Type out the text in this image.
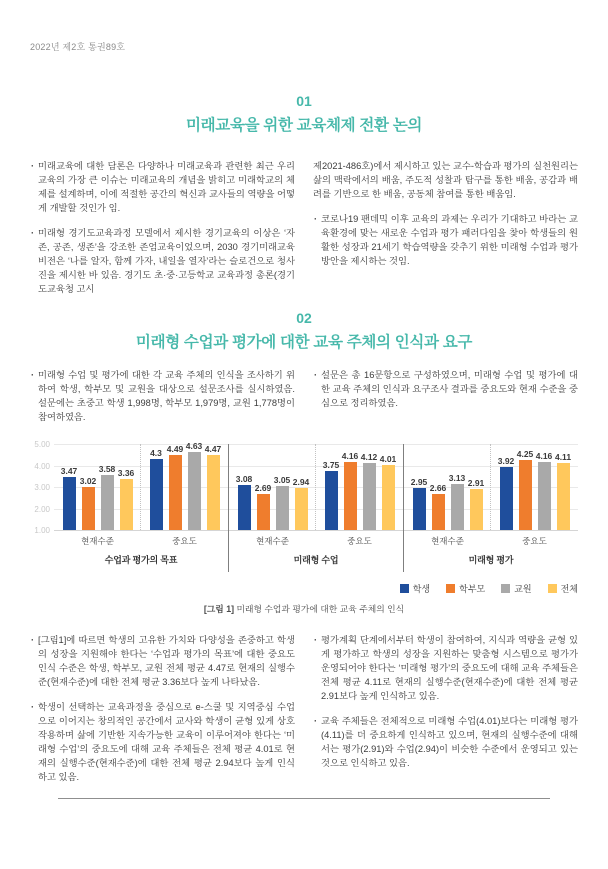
2022년 제2호 통권89호
01
미래교육을 위한 교육체제 전환 논의

· 미래교육에 대한 담론은 다양하나 미래교육과 관련한 최근 우리 교육의 가장 큰 이슈는 미래교육의 개념을 밝히고 미래학교의 체제를 설계하며, 이에 적절한 공간의 혁신과 교사들의 역량을 어떻게 개발할 것인가 임.

· 미래형 경기도교육과정 모델에서 제시한 경기교육의 이상은 ‘자존, 공존, 생존’을 강조한 존엄교육이었으며, 2030 경기미래교육 비전은 ‘나를 알자, 함께 가자, 내일을 열자’라는 슬로건으로 청사진을 제시한 바 있음. 경기도 초·중·고등학교 교육과정 총론(경기도교육청 고시

제2021-486호)에서 제시하고 있는 교수-학습과 평가의 실천원리는 삶의 맥락에서의 배움, 주도적 성찰과 탐구를 통한 배움, 공감과 배려를 기반으로 한 배움, 공동체 참여를 통한 배움임.

· 코로나19 팬데믹 이후 교육의 과제는 우리가 기대하고 바라는 교육환경에 맞는 새로운 수업과 평가 패러다임을 찾아 학생들의 원활한 성장과 21세기 학습역량을 갖추기 위한 미래형 수업과 평가 방안을 제시하는 것임.

02
미래형 수업과 평가에 대한 교육 주체의 인식과 요구

· 미래형 수업 및 평가에 대한 각 교육 주체의 인식을 조사하기 위하여 학생, 학부모 및 교원을 대상으로 설문조사를 실시하였음. 설문에는 초중고 학생 1,998명, 학부모 1,979명, 교원 1,778명이 참여하였음.

· 설문은 총 16문항으로 구성하였으며, 미래형 수업 및 평가에 대한 교육 주체의 인식과 요구조사 결과를 중요도와 현재 수준을 중심으로 정리하였음.

5.00
4.00
3.00
2.00
1.00
3.47
3.02
3.58 3.36
현재수준
4.3 4.49 4.63 4.47
중요도
수업과 평가의 목표
3.08
2.69
3.05 2.94
현재수준
3.75
4.16 4.12 4.01
중요도
미래형 수업
2.95
2.66
3.13 2.91
현재수준
3.92
4.25 4.16 4.11
중요도
미래형 평가
학생	학부모	교원	전체
[그림 1] 미래형 수업과 평가에 대한 교육 주체의 인식

· [그림1]에 따르면 학생의 고유한 가치와 다양성을 존중하고 학생의 성장을 지원해야 한다는 ‘수업과 평가의 목표’에 대한 중요도 인식 수준은 학생, 학부모, 교원 전체 평균 4.47로 현재의 실행수준(현재수준)에 대한 전체 평균 3.36보다 높게 나타났음.

· 학생이 선택하는 교육과정을 중심으로 e-스쿨 및 지역중심 수업으로 이어지는 창의적인 공간에서 교사와 학생이 균형 있게 상호작용하며 삶에 기반한 지속가능한 교육이 이루어져야 한다는 ‘미래형 수업’의 중요도에 대해 교육 주체들은 전체 평균 4.01로 현재의 실행수준(현재수준)에 대한 전체 평균 2.94보다 높게 인식하고 있음.

· 평가계획 단계에서부터 학생이 참여하여, 지식과 역량을 균형 있게 평가하고 학생의 성장을 지원하는 맞춤형 시스템으로 평가가 운영되어야 한다는 ‘미래형 평가’의 중요도에 대해 교육 주체들은 전체 평균 4.11로 현재의 실행수준(현재수준)에 대한 전체 평균 2.91보다 높게 인식하고 있음.

· 교육 주체들은 전체적으로 미래형 수업(4.01)보다는 미래형 평가(4.11)를 더 중요하게 인식하고 있으며, 현재의 실행수준에 대해서는 평가(2.91)와 수업(2.94)이 비슷한 수준에서 운영되고 있는 것으로 인식하고 있음.
